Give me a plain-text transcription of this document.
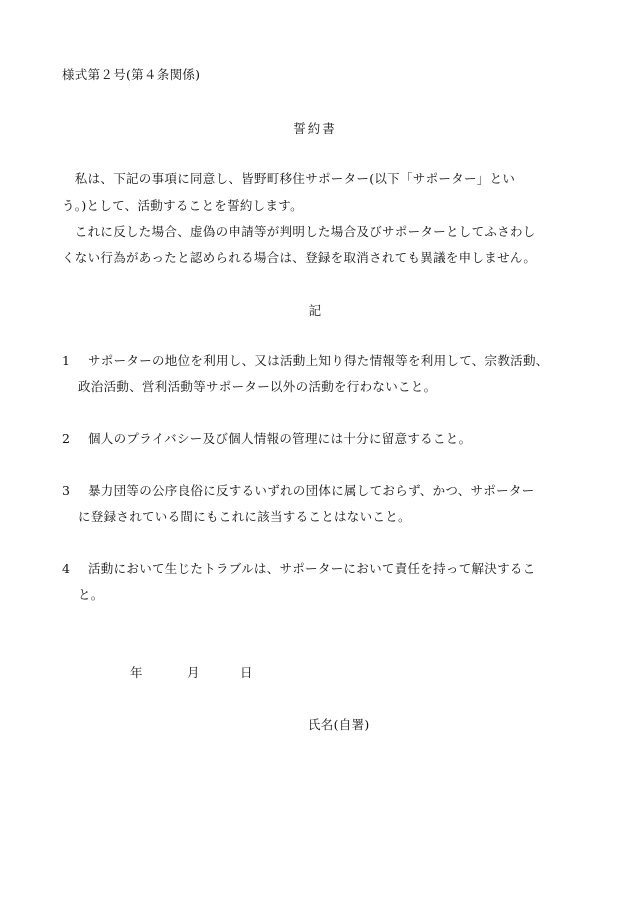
様式第２号(第４条関係)
誓約書
　私は、下記の事項に同意し、皆野町移住サポーター(以下「サポーター」とい
う。)として、活動することを誓約します。
　これに反した場合、虚偽の申請等が判明した場合及びサポーターとしてふさわし
くない行為があったと認められる場合は、登録を取消されても異議を申しません。
記
1 サポーターの地位を利用し、又は活動上知り得た情報等を利用して、宗教活動、
政治活動、営利活動等サポーター以外の活動を行わないこと。
2 個人のプライバシー及び個人情報の管理には十分に留意すること。
3 暴力団等の公序良俗に反するいずれの団体に属しておらず、かつ、サポーター
に登録されている間にもこれに該当することはないこと。
4 活動において生じたトラブルは、サポーターにおいて責任を持って解決するこ
と。
年	月	日
氏名(自署)
